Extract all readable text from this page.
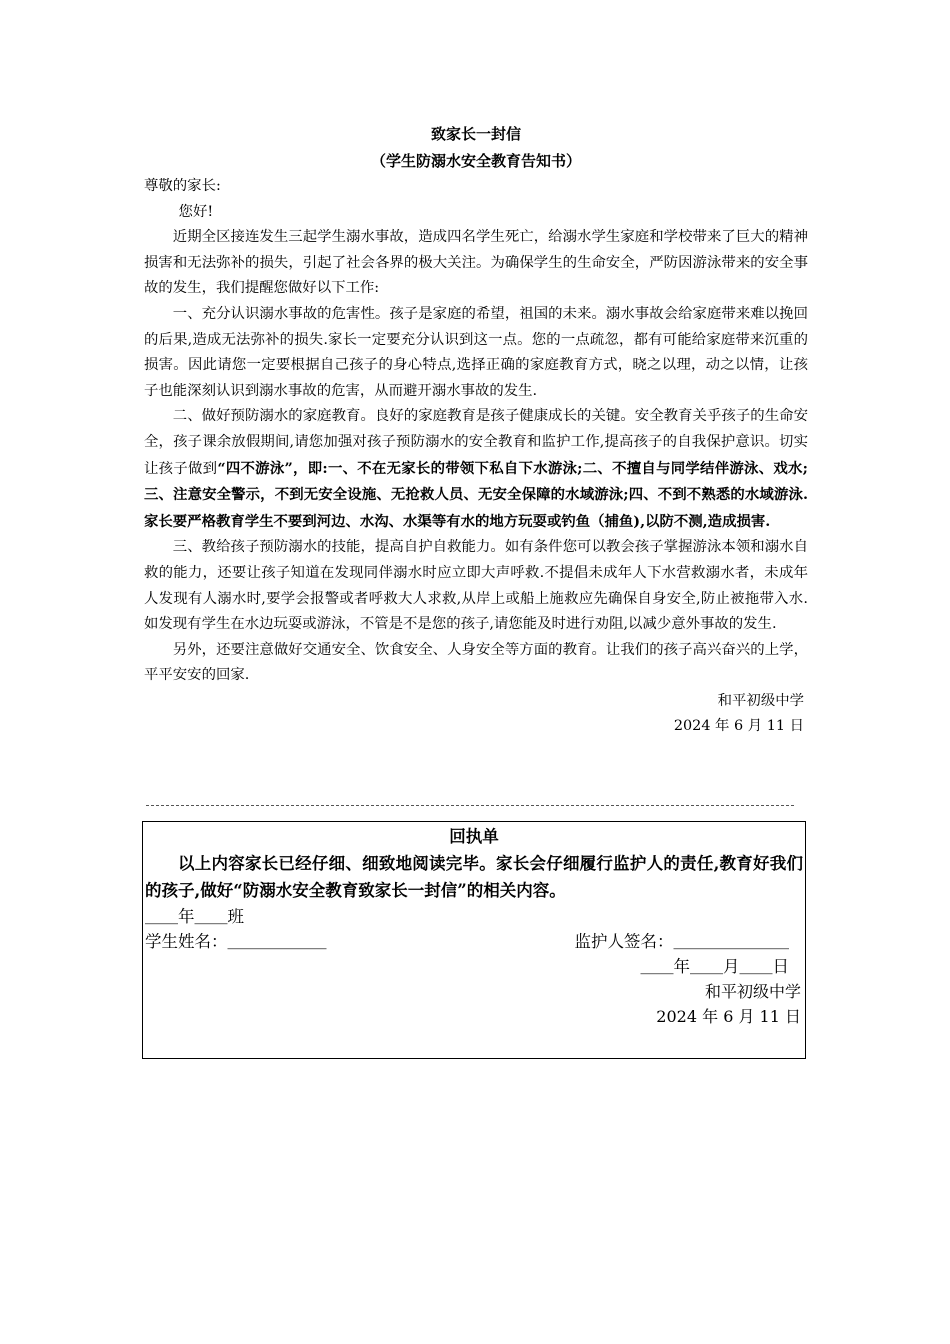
致家长一封信
（学生防溺水安全教育告知书）

尊敬的家长:

您好!

近期全区接连发生三起学生溺水事故，造成四名学生死亡，给溺水学生家庭和学校带来了巨大的精神损害和无法弥补的损失，引起了社会各界的极大关注。为确保学生的生命安全，严防因游泳带来的安全事故的发生，我们提醒您做好以下工作:

一、充分认识溺水事故的危害性。孩子是家庭的希望，祖国的未来。溺水事故会给家庭带来难以挽回的后果,造成无法弥补的损失.家长一定要充分认识到这一点。您的一点疏忽，都有可能给家庭带来沉重的损害。因此请您一定要根据自己孩子的身心特点,选择正确的家庭教育方式，晓之以理，动之以情，让孩子也能深刻认识到溺水事故的危害，从而避开溺水事故的发生.

二、做好预防溺水的家庭教育。良好的家庭教育是孩子健康成长的关键。安全教育关乎孩子的生命安全，孩子课余放假期间,请您加强对孩子预防溺水的安全教育和监护工作,提高孩子的自我保护意识。切实让孩子做到“四不游泳”，即:一、不在无家长的带领下私自下水游泳;二、不擅自与同学结伴游泳、戏水;三、注意安全警示，不到无安全设施、无抢救人员、无安全保障的水域游泳;四、不到不熟悉的水域游泳.家长要严格教育学生不要到河边、水沟、水渠等有水的地方玩耍或钓鱼（捕鱼),以防不测,造成损害.

三、教给孩子预防溺水的技能，提高自护自救能力。如有条件您可以教会孩子掌握游泳本领和溺水自救的能力，还要让孩子知道在发现同伴溺水时应立即大声呼救.不提倡未成年人下水营救溺水者，未成年人发现有人溺水时,要学会报警或者呼救大人求救,从岸上或船上施救应先确保自身安全,防止被拖带入水.如发现有学生在水边玩耍或游泳，不管是不是您的孩子,请您能及时进行劝阻,以减少意外事故的发生.

另外，还要注意做好交通安全、饮食安全、人身安全等方面的教育。让我们的孩子高兴奋兴的上学，平平安安的回家.

和平初级中学
2024 年 6 月 11 日
回执单

以上内容家长已经仔细、细致地阅读完毕。家长会仔细履行监护人的责任,教育好我们的孩子,做好“防溺水安全教育致家长一封信”的相关内容。

＿＿年＿＿班
学生姓名：＿＿＿＿＿＿	监护人签名：＿＿＿＿＿＿＿
＿＿年＿＿月＿＿日
和平初级中学
2024 年 6 月 11 日
